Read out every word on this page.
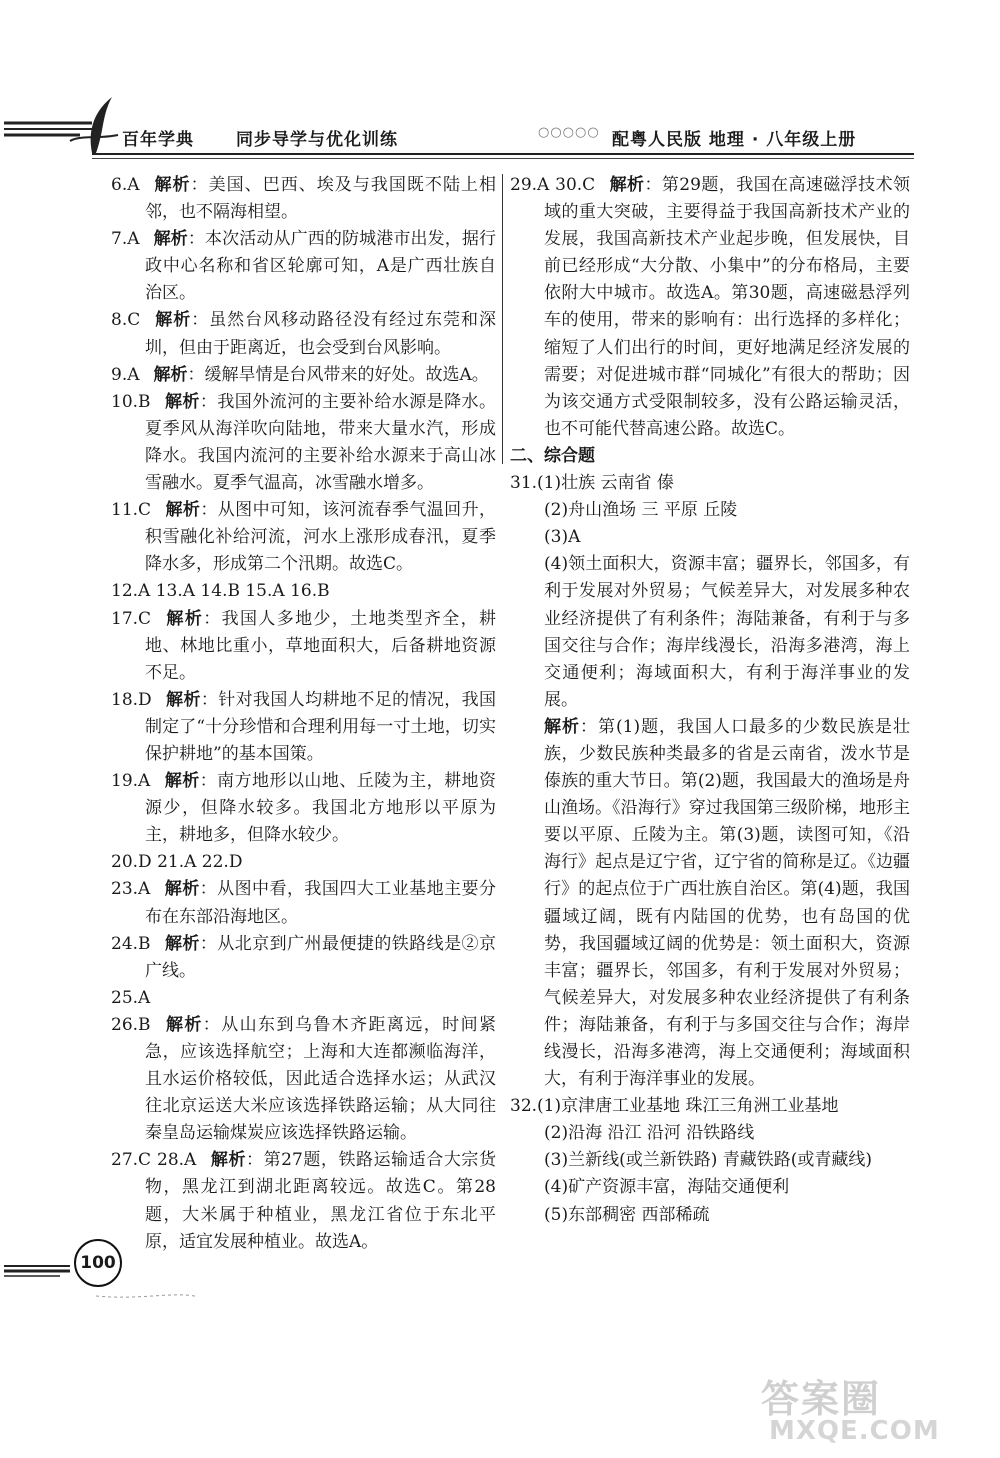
百年学典 同步导学与优化训练	○○○○○ 配粤人民版 地理 · 八年级上册

6.A 解析：美国、巴西、埃及与我国既不陆上相邻，也不隔海相望。

7.A 解析：本次活动从广西的防城港市出发，据行政中心名称和省区轮廓可知，A是广西壮族自治区。

8.C 解析：虽然台风移动路径没有经过东莞和深圳，但由于距离近，也会受到台风影响。

9.A 解析：缓解旱情是台风带来的好处。故选A。

10.B 解析：我国外流河的主要补给水源是降水。夏季风从海洋吹向陆地，带来大量水汽，形成降水。我国内流河的主要补给水源来于高山冰雪融水。夏季气温高，冰雪融水增多。

11.C 解析：从图中可知，该河流春季气温回升，积雪融化补给河流，河水上涨形成春汛，夏季降水多，形成第二个汛期。故选C。

12.A 13.A 14.B 15.A 16.B

17.C 解析：我国人多地少，土地类型齐全，耕地、林地比重小，草地面积大，后备耕地资源不足。

18.D 解析：针对我国人均耕地不足的情况，我国制定了“十分珍惜和合理利用每一寸土地，切实保护耕地”的基本国策。

19.A 解析：南方地形以山地、丘陵为主，耕地资源少，但降水较多。我国北方地形以平原为主，耕地多，但降水较少。

20.D 21.A 22.D

23.A 解析：从图中看，我国四大工业基地主要分布在东部沿海地区。

24.B 解析：从北京到广州最便捷的铁路线是②京广线。

25.A

26.B 解析：从山东到乌鲁木齐距离远，时间紧急，应该选择航空；上海和大连都濒临海洋，且水运价格较低，因此适合选择水运；从武汉往北京运送大米应该选择铁路运输；从大同往秦皇岛运输煤炭应该选择铁路运输。

27.C 28.A 解析：第27题，铁路运输适合大宗货物，黑龙江到湖北距离较远。故选C。第28题，大米属于种植业，黑龙江省位于东北平原，适宜发展种植业。故选A。

29.A 30.C 解析：第29题，我国在高速磁浮技术领域的重大突破，主要得益于我国高新技术产业的发展，我国高新技术产业起步晚，但发展快，目前已经形成“大分散、小集中”的分布格局，主要依附大中城市。故选A。第30题，高速磁悬浮列车的使用，带来的影响有：出行选择的多样化；缩短了人们出行的时间，更好地满足经济发展的需要；对促进城市群“同城化”有很大的帮助；因为该交通方式受限制较多，没有公路运输灵活，也不可能代替高速公路。故选C。

二、综合题

31.(1)壮族 云南省 傣

(2)舟山渔场 三 平原 丘陵

(3)A

(4)领土面积大，资源丰富；疆界长，邻国多，有利于发展对外贸易；气候差异大，对发展多种农业经济提供了有利条件；海陆兼备，有利于与多国交往与合作；海岸线漫长，沿海多港湾，海上交通便利；海域面积大，有利于海洋事业的发展。

解析：第(1)题，我国人口最多的少数民族是壮族，少数民族种类最多的省是云南省，泼水节是傣族的重大节日。第(2)题，我国最大的渔场是舟山渔场。《沿海行》穿过我国第三级阶梯，地形主要以平原、丘陵为主。第(3)题，读图可知，《沿海行》起点是辽宁省，辽宁省的简称是辽。《边疆行》的起点位于广西壮族自治区。第(4)题，我国疆域辽阔，既有内陆国的优势，也有岛国的优势，我国疆域辽阔的优势是：领土面积大，资源丰富；疆界长，邻国多，有利于发展对外贸易；气候差异大，对发展多种农业经济提供了有利条件；海陆兼备，有利于与多国交往与合作；海岸线漫长，沿海多港湾，海上交通便利；海域面积大，有利于海洋事业的发展。

32.(1)京津唐工业基地 珠江三角洲工业基地

(2)沿海 沿江 沿河 沿铁路线

(3)兰新线(或兰新铁路) 青藏铁路(或青藏线)

(4)矿产资源丰富，海陆交通便利

(5)东部稠密 西部稀疏

100
答案圈
MXQE.COM
